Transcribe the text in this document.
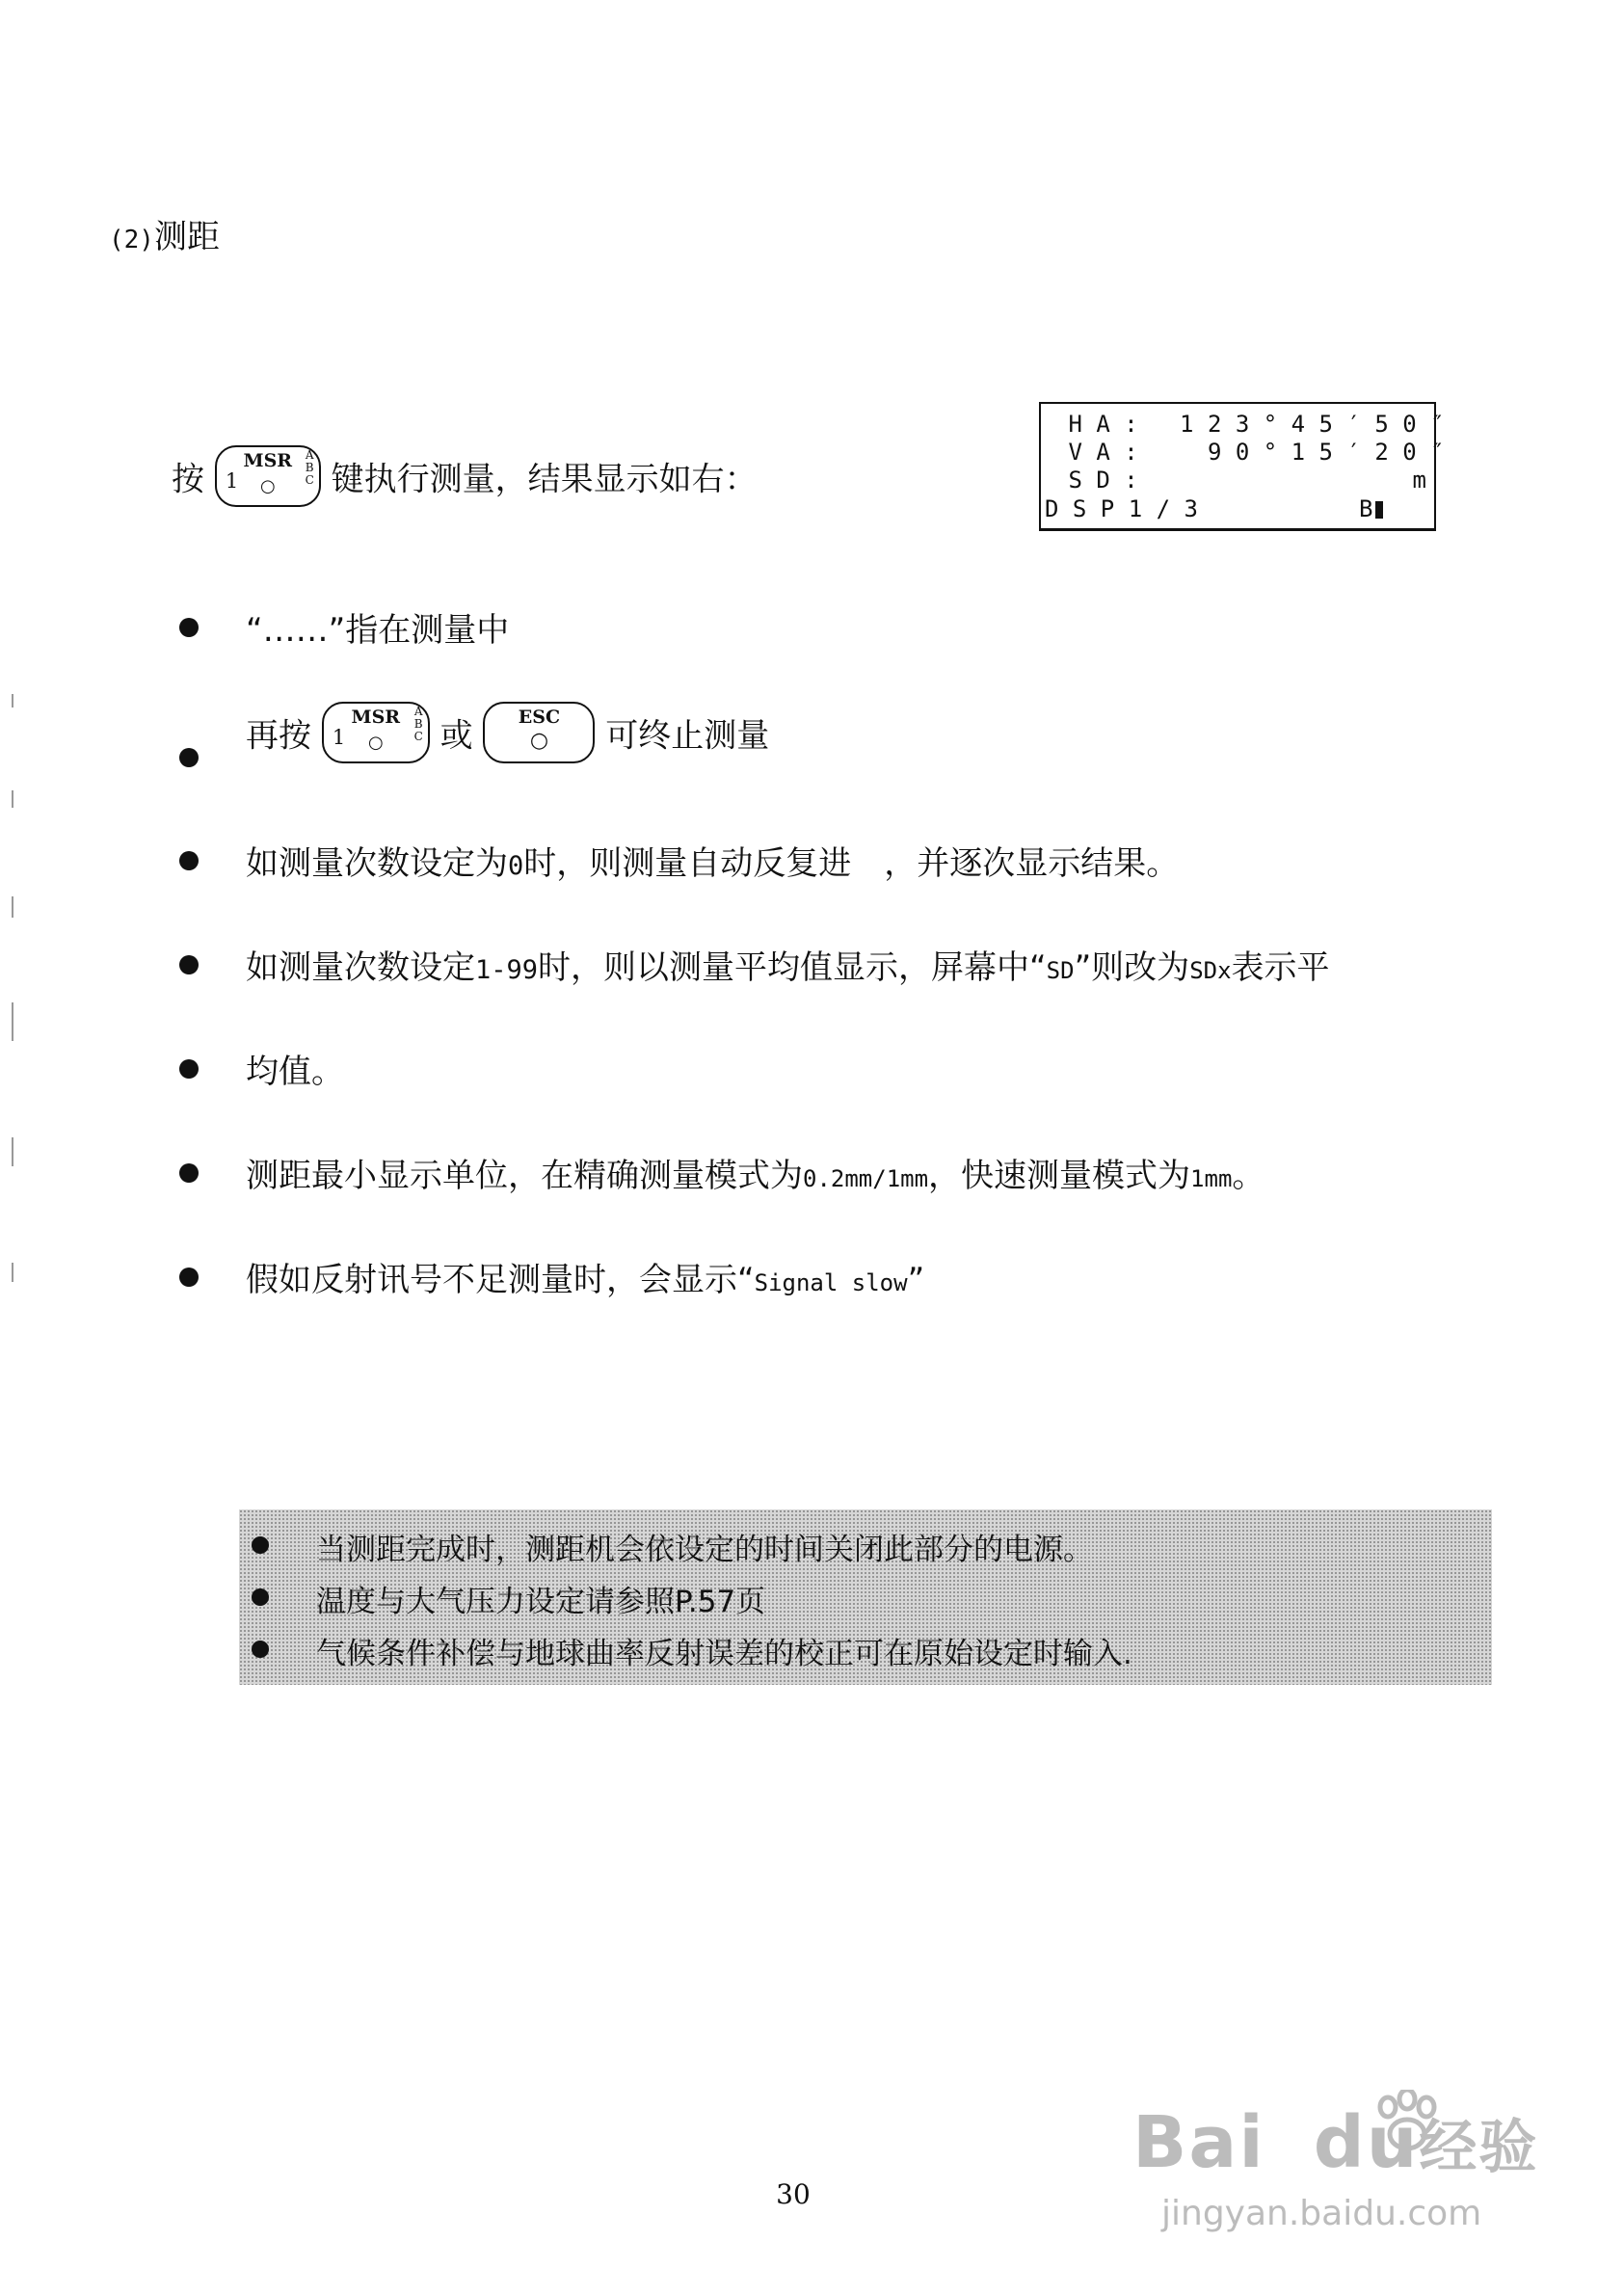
(2)测距
按	MSR
1	○
A
B
C 键执行测量，结果显示如右：
H A :   1 2 3 ° 4 5 ′ 5 0 ″
V A :     9 0 ° 1 5 ′ 2 0 ″
S D :	m
D S P 1 / 3	B
“……”指在测量中
再按	MSR
1	○
A
B
C 或	ESC
○	可终止测量
如测量次数设定为0时，则测量自动反复进　，并逐次显示结果。
如测量次数设定1-99时，则以测量平均值显示，屏幕中“SD”则改为SDx表示平
均值。
测距最小显示单位，在精确测量模式为0.2mm/1mm，快速测量模式为1mm。
假如反射讯号不足测量时，会显示“Signal slow”
当测距完成时，测距机会依设定的时间关闭此部分的电源。
温度与大气压力设定请参照P.57页
气候条件补偿与地球曲率反射误差的校正可在原始设定时输入.
30
Bai du经验
jingyan.baidu.com
